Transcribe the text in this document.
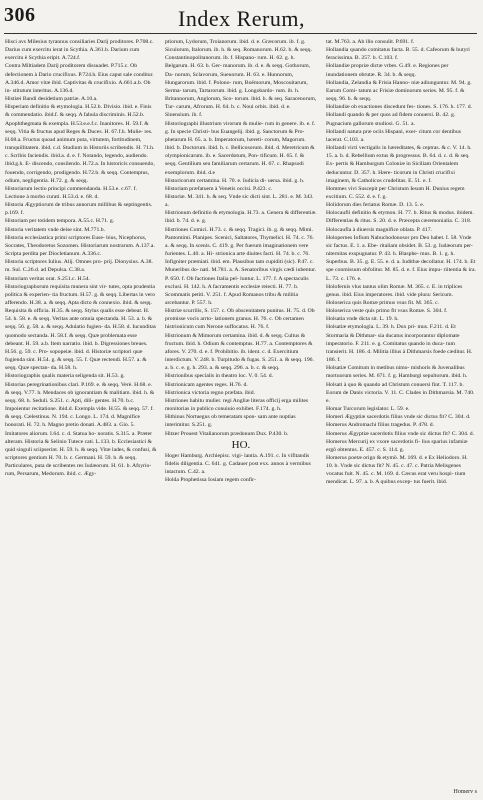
306	Index Rerum,

Hisci avs Milesius tyrannus consiliaries Darij proditores. P.708.c. Darius cum exercitu ierat in Scythia. A.361.b. Darium cum exercitu è Scythia eripit. A.724.f.

Contra Miltiadem Darij proditorem dissuadet. P.715.c. Ob defectionem à Dario crucifixus. P.724.h. Eius caput sale conditur. A.346.d. Amor vitæ ibid. Captivitas & crucifixio. A.661.a.b. Ob in- stitutum interitus. A.136.d.

Histiæi Bandi desidetium patriæ. A.10.a.

Hisperiam definitio & etymologia. H.52.b. Divisio. ibid. e. Finis & commendatio. ibid.f. & seqq. A fabula discriminis. H.52.b. Apophthegmata & exempla. H.53.e.e.f.c. Inanitores. H. 59.f. & seqq. Vitia & fructus apud Reges & Duces. H. 67.f.h. Mulie- res. H.68.a. Fructus quoad animum puta, virtutem, fortitudinem, tranquillitatem. ibid. c.d. Studium in Historiis scribendis. H. 71.h. c. Scribis faciendis. ibid.a. d. e. f. Notando, legendo, audiendo. ibid.g.h. E- discendo, consilendo. H.72.a. In historicis consuendo, fouendo, corrigendo, prodigendo. H.72.b. & seqq. Contemptus, odium, negligentia. H.72. g. & seqq.

Historiarum lectio principi commendanda. H.53.e. c.67. f. Lectione à morbo curati. H.53.d. e. 68. d.

Historia Ægyptiorum de tribus annorum millibus & septingentis. p.169. f.

Historiam per totidem tempora. A.55.c. H.71. g.

Historia veritatem vnde deise sint. M.771.b.

Historia ecclesiastica primi scriptores Euse- bius, Nicephorus, Socrates, Theodoretus Sozomen. Historiarum nostrarum. A.137.a. Scripta perdita per Diocletianum. A.336.c.

Historia scriptores Iulius. Alij. Omnes pro- prij. Dionysius. A.38. m. Sul. C.26.d. ad Depulsa. C.38.a.

Historiam veritas orat. S.251.c. H.54.

Historiographorum requisita munera sint vir- tutes, opta prudentia politica & experien- tia fructum. H.57. g. & seqq. Libertas in vero afferendo. H.38. a. & seqq. Apta dicto & connexio. ibid. & seqq. Requisita & officia. H.35. & seqq. Stylus qualis esse debeat. H. 54. h. 58. e. & seqq. Veritas ante omnia spectanda. H. 53. a. b. & seqq. 56. g. 58. a. & seqq. Adulatio fugien- da. H.58. d. Iucunditas quomodo sectanda. H. 58.f. & seqq. Quæ problemata esse debeant. H. 59. a.b. Item narratio. ibid. b. Digressiones breues. H.56. g. 59. c. Pro- sopopeiæ. ibid. d. Historiæ scriptori quæ fugienda sint. H.54. g. & seqq. 55. f. Quæ rectendi. H.57. a. & seqq. Quæ spectan- da. H.58. h.

Historiographis qualis materia seligenda sit. H.53. g.

Historias peregrinationibus clari. P.169. e. & seqq. Verè. H.68. e. & seqq. V.77. h. Mendaces ob ignorantiam & malitiam. ibid. h. & seqq. 68. h. Seduli. S.251. c. Apti, dili- gentes. H.70. b.c. Impoientur recitatione. ibid.d. Exempla vide. H.55. & seqq. 57. f. & seqq. Cælestinus. N. 194. c. Longo. L. 174. d. Magnifice honorati. H. 72. h. Magno pretio donati. A.483. a. Gio. 5. Imitatores aliorum. I.64. c. d. Statua ho- noratis. S.315. a. Præter alteram. Historia & Selinio Tutece cati. L.133. b. Ecclesiastici & quid singuli sciipserint. H. 59. h. & seqq. Vitæ lades, & confusi, & scriptores gentium H. 70. b. c. Germani. H. 59. b. & seqq. Particulares, puta de scribentes res Iudæorum. H. 61. b. Afsyrio- rum, Persarum, Medorum. ibid. c. Ægy-

ptiorum, Lydorum, Troianorum. ibid. d. e. Græcorum. ib. f. g. Siculorum, Italorum. ib. h. & seq. Romanorum. H.62. b. & seqq. Constantinopolitanorum. ib. f. Hispano- rum. H. 62. g. h. Belgarum. H. 63. b. Ger- manorum. ib. d. e. & seqq. Gothorum, Da- norum, Sclavorum, Sueuorum. H. 63. e. Hunnorum, Hungarorum. ibid. f. Polono- rum, Boëmorum, Moscouitarum, Serma- tarum, Tartarorum. ibid. g. Longobardo- rum. ib. h. Britannorum, Anglorum, Sco- torum. ibid. h. & seq. Saracenorum, Tur- carum, Afrorum. H. 64. b. c. Noui orbis. ibid. d. e. Sinensium. ib. f.

Historiographi illustrium virorum & mulie- rum in genere. ib. e. f. g. In specie Christi- bus Euangelij. ibid. g. Sanctorum & Pro- phetarum H. 65. a. b. Imperatorum, hæreti- corum, Magorum. ibid. b. Doctorum. ibid. b. c. Bellicosorum. ibid. d. Meretricum & olympionicarum. ib. e. Sacerdotum, Pon- tificum. H. 65. f. & seqq. Gentilium seu familiarum certarum. H. 67. c. Rhapsodi exemplorum. ibid. d.e

Historicorum certamina. H. 70. e. Iudicia di- uersa. ibid. g. h.

Historiam præfatuem à Venetis occisi. P.423. c.

Historiæ. M. 341. h. & seq. Vnde sic dicti sint. L. 281. e. M. 343. a.

Histrionum definitio & etymologia. H.73. a. Genera & differentiæ. ibid. b. 74. d. e. g.

Histriones Comici. H.73. c. & seqq. Tragici. ib. g. & seqq. Mimi. Pantomimi. Planipes. Scenici, Saltatores, Thymelici. H. 74. c. 76. a. & seqq. In scenis. C. 419. g. Per fuerum imaginationem vere furientes. L.40. a. Hi- strionica arte diuites facti. H. 74. b. c. 76. Infigniter præmiati. ibid. em. Plausibus tam cupiditi (sic). P.47. c. Muneribus do- nati. M.781. a. A. Senatoribus virgis cædi iubentur. P. 650. f. Ob factiones Italia pel- luntur. L. 177. f. A spectaculis exclusi. H. 142. h. A facramentis ecclesiæ reiecti. H. 77. b. Scommatis petiti. V. 251. f. Apud Romanos tribu & militia arcebantur. P. 557. h.

Histriæ scurrilis, S. 157. c. Ob obscenitatem punitus. H. 75. d. Ob promisse vocis arrto- lationem granus. H. 76. c. Ob certamen histrionicum cum Nerone suffocatus. H. 76. f.

Histrionum & Mimorum certamina. ibid. d. & seqq. Cultus & fructum. ibid. h. Odium & contemptus. H.77. a. Contemptores & afores. V. 270. d. e. f. Prohibitio. ib. ident. c. d. Exercitium interdictum. V. 248. b. Turpitudo & fugas. S. 251. a. & seqq. 196. a. b. c. e. g. h. 293. a. & seqq. 296. a. b. c. & seqq.

Histrionibus specialis in theatro loc. V. 0. 54. d.

Histrionicam agentes reges. H.76. d.

Histrionica victoria regno præfata. ibid.

Histriones habitu mulier. regi Angliæ literas officij erga milites monitorias in publico conuiuio exhibet. F.174. g. h.

Hithinus Nortuegus ob temeratam spon- sam ante nuptias interimitur. S.251. g.

Hitzer Prouest Vitalianorum prædonum Dux. P.430. b.

HO.

Hoger Hamburg. Archiepisc. vigi- lantia. A.191. c. In vifitandis fidelis diligentia. C. 641. g. Cadauer post exx. annos à vermibus intactum. C.42. a.

Holda Prophetissa Iosiam regem confir-

tat. M.763. a. Ab illo consulit. P.691. f.

Hollandia quando comitatus facta. B. 55. d. Cafeorum & butyri feracissima. B. 257. b. C.103. f.

Hollandiæ propriæ dictæ vrbes. G.49. e. Regiones per inundationem obrutæ. R. 34. b. & seqq.

Hollandia, Zelandia & Frisia Hanno- niæ adiunguntur. M. 94. g. Earum Comi- tatum ac Frisiæ dominorum series. M. 95. f. & seqq. 96. b. & seqq.

Hollandiæ ob exactiones discedunt fes- tiones. S. 176. h. 177. d.

Hollandi quando & per quos ad fidem conuersi. B. 42. g. Pugnacium gallorum studiosi. G. 51. a.

Hollandi natura præ ociis Hispani, exer- citum cor dentibus lacerat. C.103. a.

Hollandi victi vectigalis in hæreditates, & ceptras. & c. V. 14. h. 15. a. b. d. Rebellium extus & progressus. B. 64. d. c. d. & seq. Ex- pertis & Hamburgum Coloniæ in Siciliam Orientalem deducuntur. D. 357. h. Hære- ticorum in Christi crucifixi imaginem, & Catholicos crudelitas. E. 51. e. f.

Hommes vivi Suscepit per Christum Iesum H. Dunius regem excitium. C. 552. d. e. f. g.

Holidorum dies feriatus Romæ. D. 13. 5. e.

Holocaufli definitio & etymon. H. 77. b. Ritus & modus. ibidem. Differentias & ritus. S. 20. d. e. Præcepta cæremonialia. C. 318.

Holocaufla à diuersis magnifice oblata. P. 417.

Holopernes Iofium Nabuchodonosor pro Deo habet. I. 58. Vnde sic factus. E. 1. a. Ebe- ritaliam obsidet. B. 53. g. Iudæorum per- niternitas exspugnatur. P. 43. h. Blasphe- mus. B. 1. g. h. Superbus. B. 35. g. E. 55. e. d. a. Iudithæ decollatur. H. 174. b. Et spe conmissum obfolitur. M. 85. d. e. f. Eius impu- riitentia & ira. L. 73. c. 176. e.

Holofernis vlus tantus olim Romæ. M. 365. c. E. in triplices genus. ibid. Eius imperatores. ibid. vide plura: Sericum.

Holoserica quis Romæ primus vsus fit. M. 365. c.

Holoserica veste quis primo fit vsus Romæ. S. 304. f.

Holsatia vnde dicta sit. L. 19. h.

Holsatiæ etymologia. L. 39. h. Dux pri- mus. F.211. d. Et Stormaria & Dithmar- sia ducatus incorporantur diplomate imperatorio. F. 211. e. g. Comitatus quando in duca- tum transierit. H. 186. d. Militia illius à Dithmarsis foede cæditur. H. 186. f.

Holsatiæ Comitum in metibus nimo- mishoris & Juvenalibus mortuorum series. M. 671. f. g. Hamburgi sepultorum. ibid. h.

Holsati à quo & quando ad Christum conuersi fint. T. 117. b. Eorum de Danis victoria. V. 11. C. Clades in Dithmarsia. M. 740. e.

Homar Turcorum legislator. L. 59. e.

Homeri Ægyptiæ sacerdotis filius vnde sic dictus fit? C. 304. d.

Homerus Andromachi filius tragedus. P. 478. d.

Homerus Ægyptiæ sacerdotis filius vnde sic dictus fit? C. 304. d.

Homerus Mercurij ex vxore sacerdotis fi- lius sparius infamiæ ergô obtentus. E. 457. c. S. 114. g.

Homerus poetæ origo & etymö. M. 169. d. e Ex Heliodoro. H. 10. b. Vnde sic dictus fit? N. 45. c. 47. c. Patria Melisgenes vocatus fuit. N. 45. c. M. 169. d. Cæcus erat veru hospi- tium mendicat. L. 97. a. b. A quibus excep- tus fuerit. ibid.

Homerv s
